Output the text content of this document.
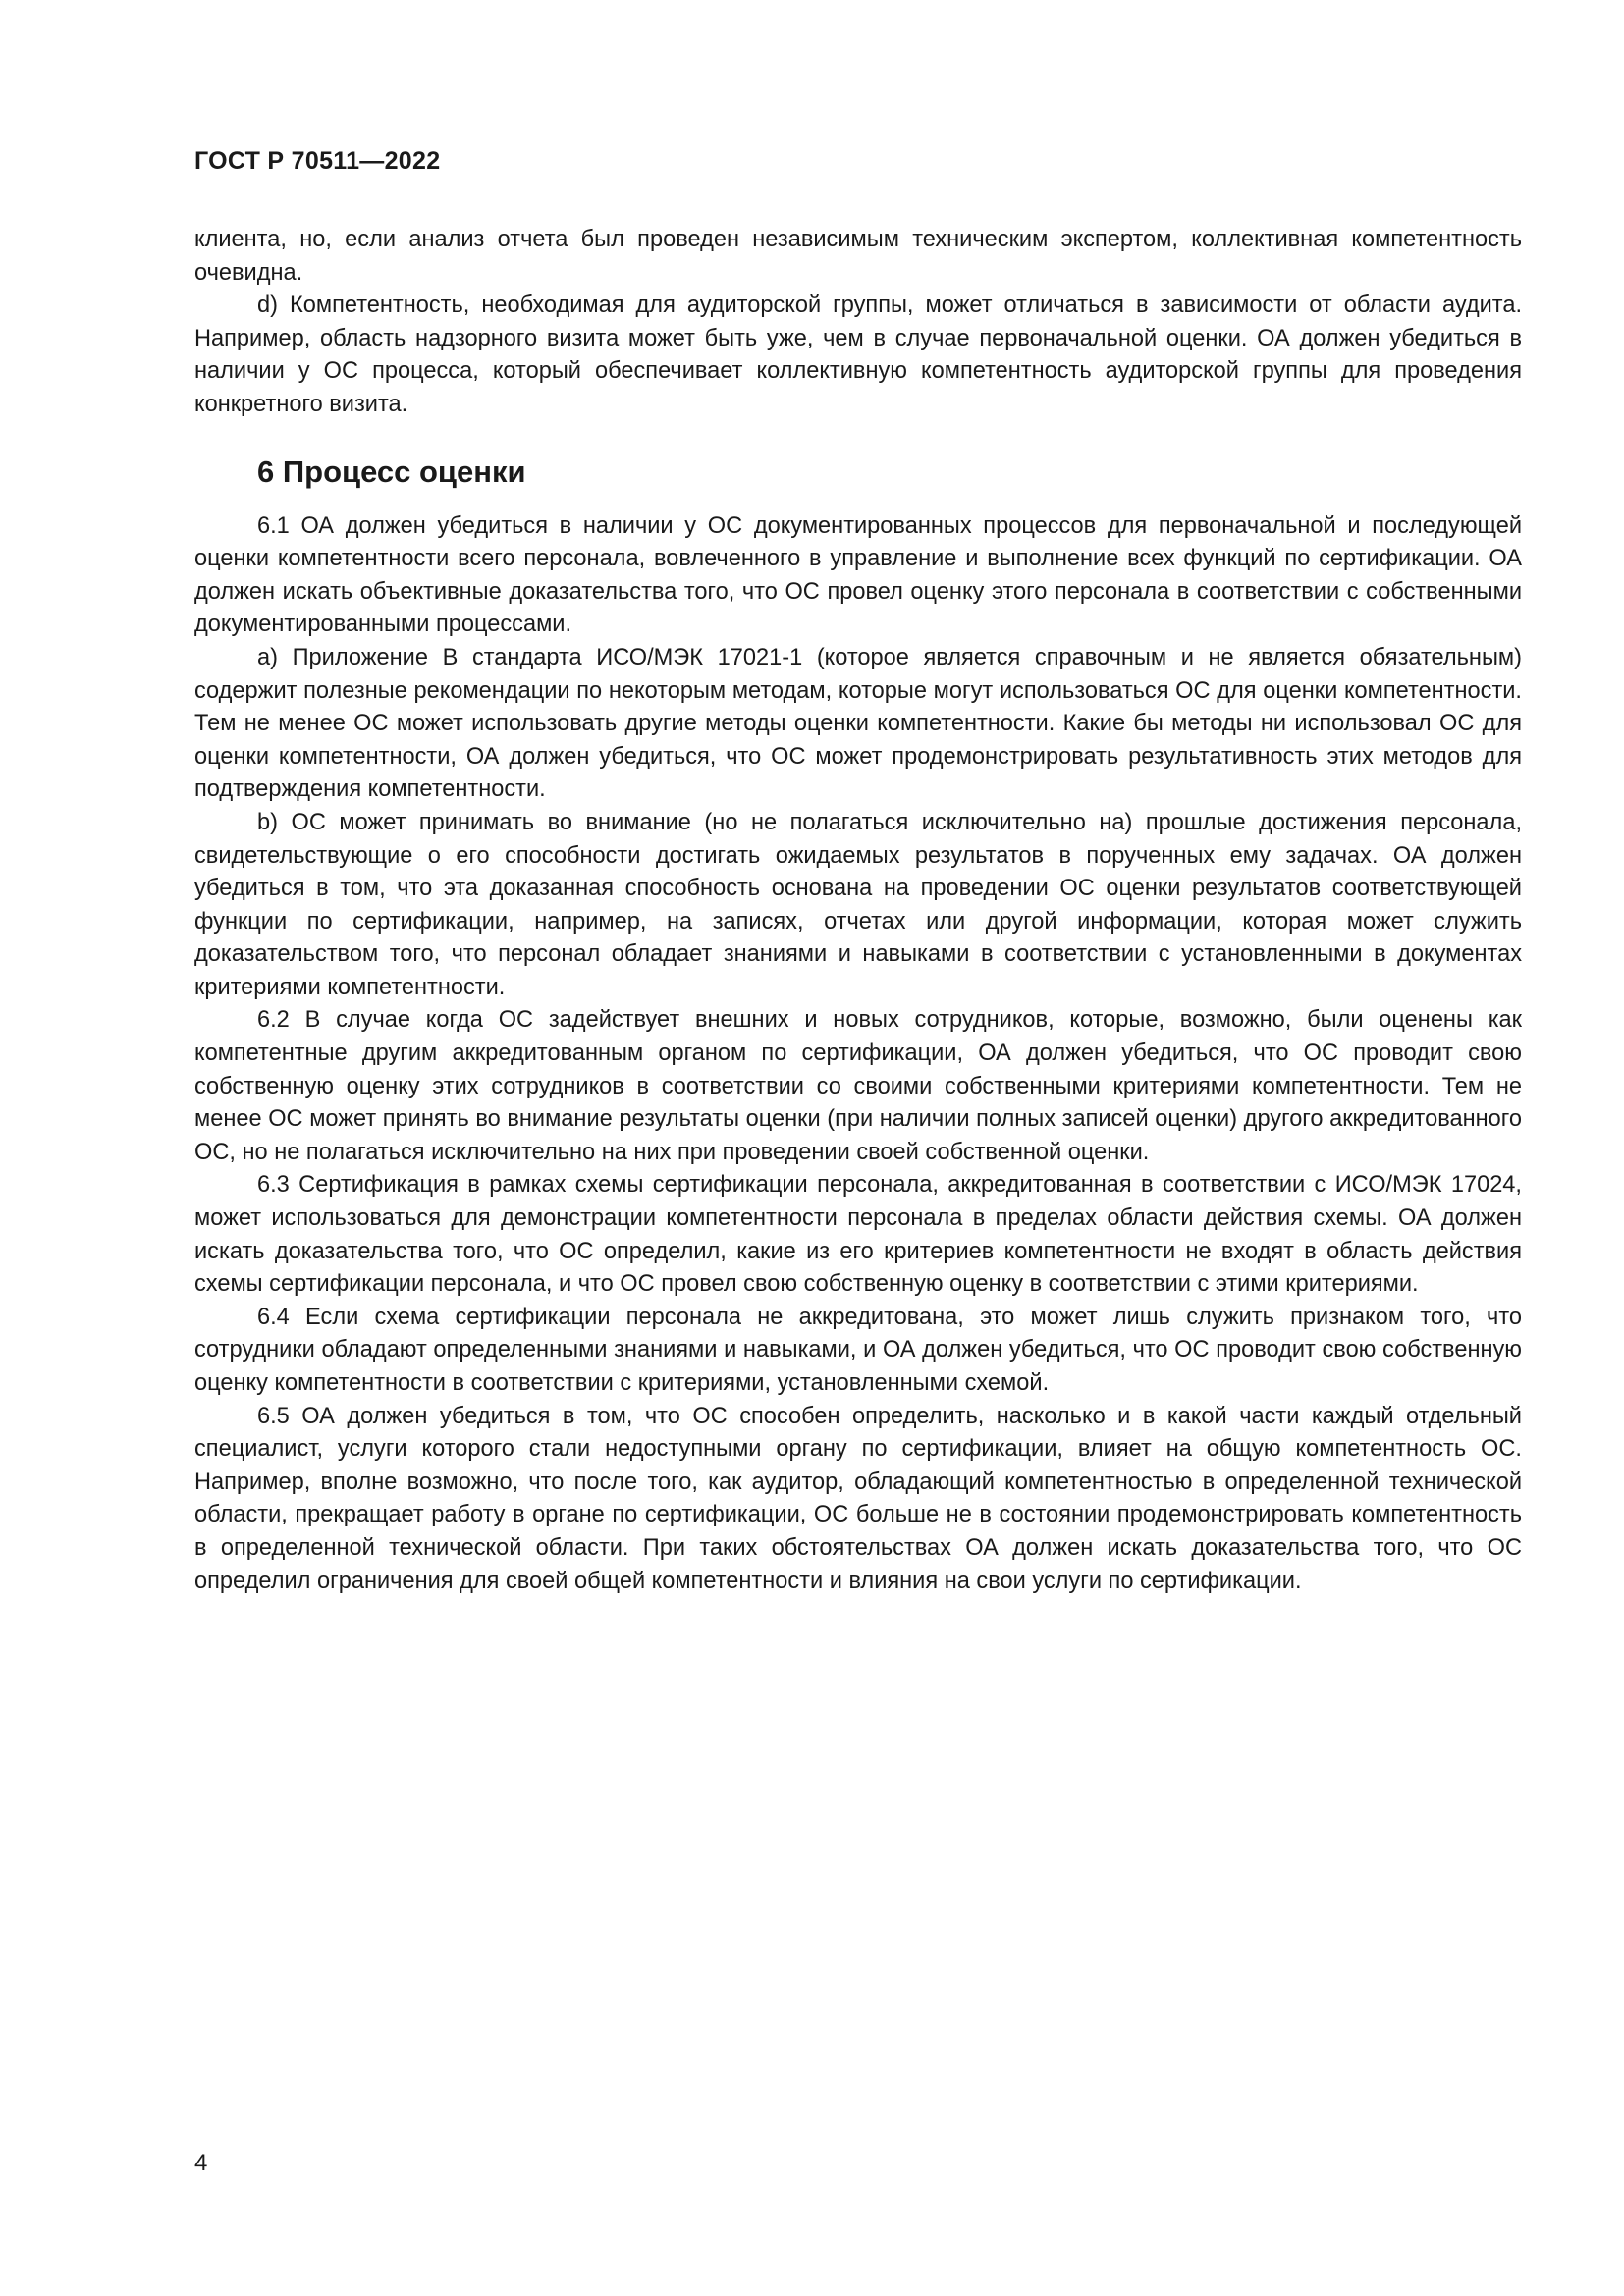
ГОСТ Р 70511—2022

клиента, но, если анализ отчета был проведен независимым техническим экспертом, коллективная компетентность очевидна.

d) Компетентность, необходимая для аудиторской группы, может отличаться в зависимости от области аудита. Например, область надзорного визита может быть уже, чем в случае первоначальной оценки. ОА должен убедиться в наличии у ОС процесса, который обеспечивает коллективную компетентность аудиторской группы для проведения конкретного визита.

6 Процесс оценки

6.1 ОА должен убедиться в наличии у ОС документированных процессов для первоначальной и последующей оценки компетентности всего персонала, вовлеченного в управление и выполнение всех функций по сертификации. ОА должен искать объективные доказательства того, что ОС провел оценку этого персонала в соответствии с собственными документированными процессами.

a) Приложение В стандарта ИСО/МЭК 17021-1 (которое является справочным и не является обязательным) содержит полезные рекомендации по некоторым методам, которые могут использоваться ОС для оценки компетентности. Тем не менее ОС может использовать другие методы оценки компетентности. Какие бы методы ни использовал ОС для оценки компетентности, ОА должен убедиться, что ОС может продемонстрировать результативность этих методов для подтверждения компетентности.

b) ОС может принимать во внимание (но не полагаться исключительно на) прошлые достижения персонала, свидетельствующие о его способности достигать ожидаемых результатов в порученных ему задачах. ОА должен убедиться в том, что эта доказанная способность основана на проведении ОС оценки результатов соответствующей функции по сертификации, например, на записях, отчетах или другой информации, которая может служить доказательством того, что персонал обладает знаниями и навыками в соответствии с установленными в документах критериями компетентности.

6.2 В случае когда ОС задействует внешних и новых сотрудников, которые, возможно, были оценены как компетентные другим аккредитованным органом по сертификации, ОА должен убедиться, что ОС проводит свою собственную оценку этих сотрудников в соответствии со своими собственными критериями компетентности. Тем не менее ОС может принять во внимание результаты оценки (при наличии полных записей оценки) другого аккредитованного ОС, но не полагаться исключительно на них при проведении своей собственной оценки.

6.3 Сертификация в рамках схемы сертификации персонала, аккредитованная в соответствии с ИСО/МЭК 17024, может использоваться для демонстрации компетентности персонала в пределах области действия схемы. ОА должен искать доказательства того, что ОС определил, какие из его критериев компетентности не входят в область действия схемы сертификации персонала, и что ОС провел свою собственную оценку в соответствии с этими критериями.

6.4 Если схема сертификации персонала не аккредитована, это может лишь служить признаком того, что сотрудники обладают определенными знаниями и навыками, и ОА должен убедиться, что ОС проводит свою собственную оценку компетентности в соответствии с критериями, установленными схемой.

6.5 ОА должен убедиться в том, что ОС способен определить, насколько и в какой части каждый отдельный специалист, услуги которого стали недоступными органу по сертификации, влияет на общую компетентность ОС. Например, вполне возможно, что после того, как аудитор, обладающий компетентностью в определенной технической области, прекращает работу в органе по сертификации, ОС больше не в состоянии продемонстрировать компетентность в определенной технической области. При таких обстоятельствах ОА должен искать доказательства того, что ОС определил ограничения для своей общей компетентности и влияния на свои услуги по сертификации.

4
